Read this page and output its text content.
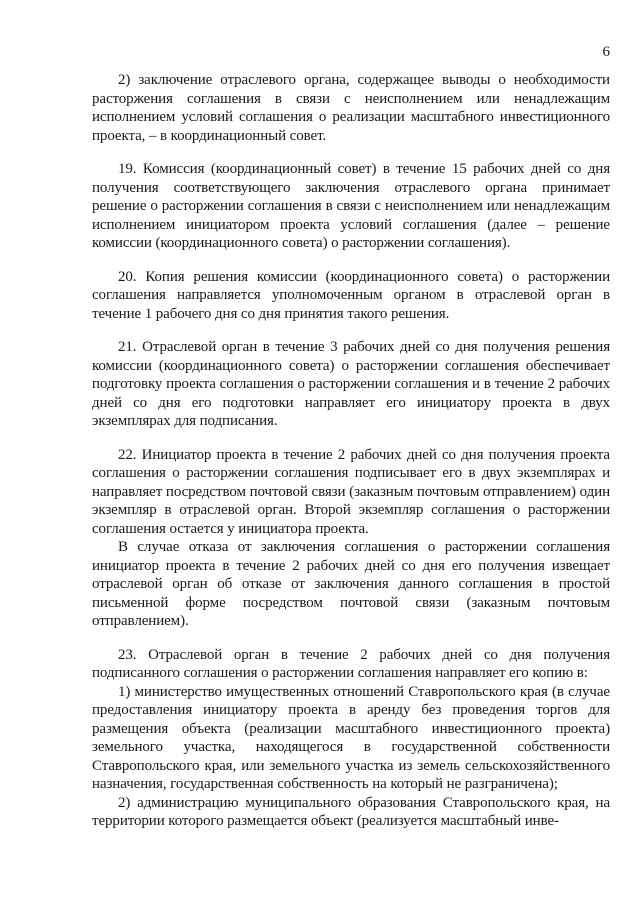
6

2) заключение отраслевого органа, содержащее выводы о необходимости расторжения соглашения в связи с неисполнением или ненадлежащим исполнением условий соглашения о реализации масштабного инвестиционного проекта, – в координационный совет.

19. Комиссия (координационный совет) в течение 15 рабочих дней со дня получения соответствующего заключения отраслевого органа принимает решение о расторжении соглашения в связи с неисполнением или ненадлежащим исполнением инициатором проекта условий соглашения (далее – решение комиссии (координационного совета) о расторжении соглашения).

20. Копия решения комиссии (координационного совета) о расторжении соглашения направляется уполномоченным органом в отраслевой орган в течение 1 рабочего дня со дня принятия такого решения.

21. Отраслевой орган в течение 3 рабочих дней со дня получения решения комиссии (координационного совета) о расторжении соглашения обеспечивает подготовку проекта соглашения о расторжении соглашения и в течение 2 рабочих дней со дня его подготовки направляет его инициатору проекта в двух экземплярах для подписания.

22. Инициатор проекта в течение 2 рабочих дней со дня получения проекта соглашения о расторжении соглашения подписывает его в двух экземплярах и направляет посредством почтовой связи (заказным почтовым отправлением) один экземпляр в отраслевой орган. Второй экземпляр соглашения о расторжении соглашения остается у инициатора проекта.

В случае отказа от заключения соглашения о расторжении соглашения инициатор проекта в течение 2 рабочих дней со дня его получения извещает отраслевой орган об отказе от заключения данного соглашения в простой письменной форме посредством почтовой связи (заказным почтовым отправлением).

23. Отраслевой орган в течение 2 рабочих дней со дня получения подписанного соглашения о расторжении соглашения направляет его копию в:

1) министерство имущественных отношений Ставропольского края (в случае предоставления инициатору проекта в аренду без проведения торгов для размещения объекта (реализации масштабного инвестиционного проекта) земельного участка, находящегося в государственной собственности Ставропольского края, или земельного участка из земель сельскохозяйственного назначения, государственная собственность на который не разграничена);

2) администрацию муниципального образования Ставропольского края, на территории которого размещается объект (реализуется масштабный инве-
